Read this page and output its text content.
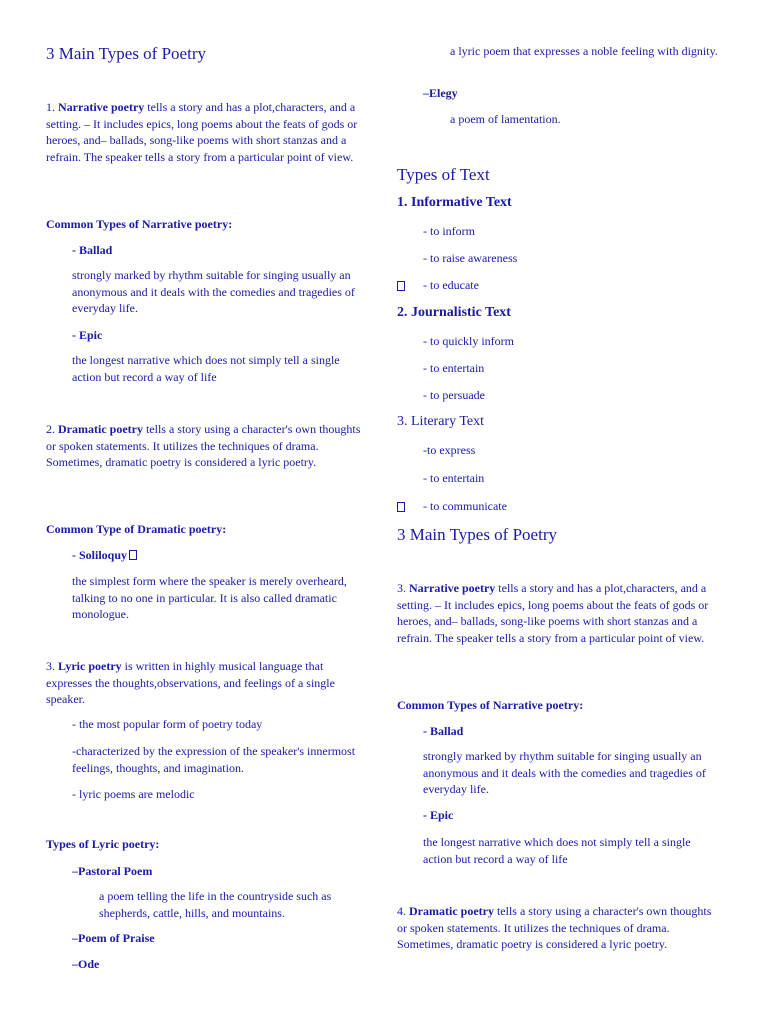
3 Main Types of Poetry

1. Narrative poetry tells a story and has a plot,characters, and a setting. – It includes epics, long poems about the feats of gods or heroes, and– ballads, song-like poems with short stanzas and a refrain. The speaker tells a story from a particular point of view.

Common Types of Narrative poetry:
- Ballad

strongly marked by rhythm suitable for singing usually an anonymous and it deals with the comedies and tragedies of everyday life.

- Epic

the longest narrative which does not simply tell a single action but record a way of life

2. Dramatic poetry tells a story using a character's own thoughts or spoken statements. It utilizes the techniques of drama. Sometimes, dramatic poetry is considered a lyric poetry.

Common Type of Dramatic poetry:
- Soliloquy

the simplest form where the speaker is merely overheard, talking to no one in particular. It is also called dramatic monologue.

3. Lyric poetry is written in highly musical language that expresses the thoughts,observations, and feelings of a single speaker.

- the most popular form of poetry today

-characterized by the expression of the speaker's innermost feelings, thoughts, and imagination.

- lyric poems are melodic

Types of Lyric poetry:
–Pastoral Poem

a poem telling the life in the countryside such as shepherds, cattle, hills, and mountains.

–Poem of Praise
–Ode

a lyric poem that expresses a noble feeling with dignity.

–Elegy

a poem of lamentation.

Types of Text
1. Informative Text

- to inform

- to raise awareness

- to educate

2. Journalistic Text

- to quickly inform

- to entertain

- to persuade

3. Literary Text

-to express

- to entertain

- to communicate

3 Main Types of Poetry

3. Narrative poetry tells a story and has a plot,characters, and a setting. – It includes epics, long poems about the feats of gods or heroes, and– ballads, song-like poems with short stanzas and a refrain. The speaker tells a story from a particular point of view.

Common Types of Narrative poetry:
- Ballad

strongly marked by rhythm suitable for singing usually an anonymous and it deals with the comedies and tragedies of everyday life.

- Epic

the longest narrative which does not simply tell a single action but record a way of life

4. Dramatic poetry tells a story using a character's own thoughts or spoken statements. It utilizes the techniques of drama. Sometimes, dramatic poetry is considered a lyric poetry.
